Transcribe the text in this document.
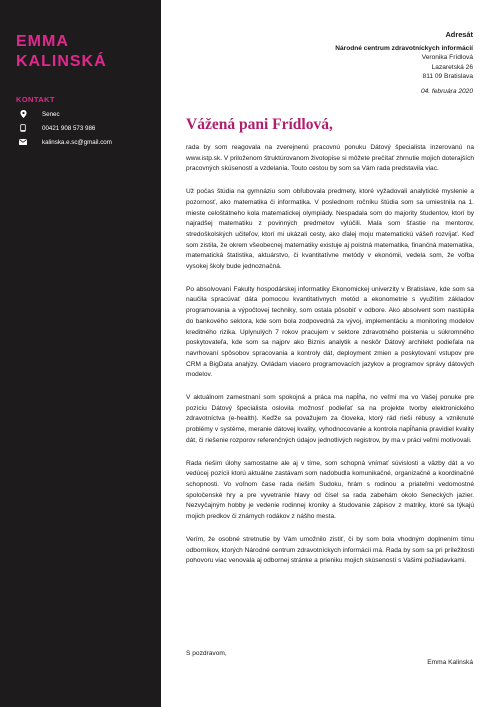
EMMA
KALINSKÁ
KONTAKT
Senec
00421 908 573 986
kalinska.e.sc@gmail.com
Adresát
Národné centrum zdravotníckych informácií
Veronika Frídlová
Lazaretská 26
811 09 Bratislava
04. februára 2020
Vážená pani Frídlová,

rada by som reagovala na zverejnenú pracovnú ponuku Dátový špecialista inzerovanú na www.istp.sk. V priloženom štruktúrovanom životopise si môžete prečítať zhrnutie mojich doterajších pracovných skúseností a vzdelania. Touto cestou by som sa Vám rada predstavila viac.

Už počas štúdia na gymnáziu som obľubovala predmety, ktoré vyžadovali analytické myslenie a pozornosť, ako matematika či informatika. V poslednom ročníku štúdia som sa umiestnila na 1. mieste celoštátneho kola matematickej olympiády. Nespadala som do majority študentov, ktorí by najradšej matematiku z povinných predmetov vylúčili. Mala som šťastie na mentorov, stredoškolských učiteľov, ktorí mi ukázali cesty, ako ďalej moju matematickú vášeň rozvíjať. Keď som zistila, že okrem všeobecnej matematiky existuje aj poistná matematika, finančná matematika, matematická štatistika, aktuárstvo, či kvantitatívne metódy v ekonómii, vedela som, že voľba vysokej školy bude jednoznačná.

Po absolvovaní Fakulty hospodárskej informatiky Ekonomickej univerzity v Bratislave, kde som sa naučila spracúvať dáta pomocou kvantitatívnych metód a ekonometrie s využitím základov programovania a výpočtovej techniky, som ostala pôsobiť v odbore. Ako absolvent som nastúpila do bankového sektora, kde som bola zodpovedná za vývoj, implementáciu a monitoring modelov kreditného rizika. Uplynulých 7 rokov pracujem v sektore zdravotného poistenia u súkromného poskytovateľa, kde som sa najprv ako Biznis analytik a neskôr Dátový architekt podieľala na navrhovaní spôsobov spracovania a kontroly dát, deployment zmien a poskytovaní vstupov pre CRM a BigData analýzy. Ovládam viacero programovacích jazykov a programov správy dátových modelov.

V aktuálnom zamestnaní som spokojná a práca ma napĺňa, no veľmi ma vo Vašej ponuke pre pozíciu Dátový špecialista oslovila možnosť podieľať sa na projekte tvorby elektronického zdravotníctva (e-health). Keďže sa považujem za človeka, ktorý rád rieši rébusy a vzniknuté problémy v systéme, meranie dátovej kvality, vyhodnocovanie a kontrola napĺňania pravidiel kvality dát, či riešenie rozporov referenčných údajov jednotlivých registrov, by ma v práci veľmi motivovali.

Rada riešim úlohy samostatne ale aj v tíme, som schopná vnímať súvislosti a väzby dát a vo vedúcej pozícii ktorú aktuálne zastávam som nadobudla komunikačné, organizačné a koordinačné schopnosti. Vo voľnom čase rada riešim Sudoku, hrám s rodinou a priateľmi vedomostné spoločenské hry a pre vyvetranie hlavy od čísel sa rada zabehám okolo Seneckých jazier. Nezvyčajným hobby je vedenie rodinnej kroniky a študovanie zápisov z matriky, ktoré sa týkajú mojich predkov či známych rodákov z nášho mesta.

Verím, že osobné stretnutie by Vám umožnilo zistiť, či by som bola vhodným doplnením tímu odborníkov, ktorých Národné centrum zdravotníckych informácií má. Rada by som sa pri príležitosti pohovoru viac venovala aj odbornej stránke a prieniku mojich skúseností s Vašimi požiadavkami.

S pozdravom,
Emma Kalinská
